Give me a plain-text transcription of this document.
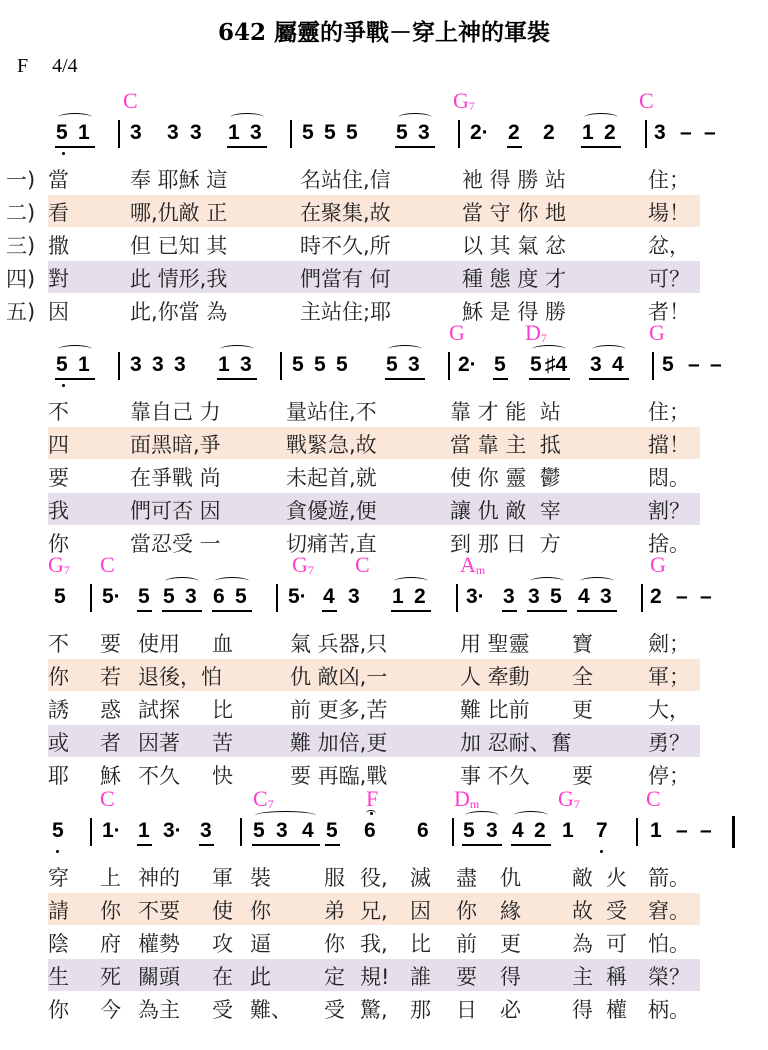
642 屬靈的爭戰－穿上神的軍裝
F 4/4
C	$G_7$	C
5 1 3 3 3 1 3 5 5 5 5 3 2· 2 2 1 2 3 – –
一) 當	奉 耶穌 這	名站住,信	衪 得 勝 站	住；
二) 看	哪,仇敵 正	在聚集,故	當 守 你 地	場！
三) 撒	但 已知 其	時不久,所	以 其 氣 忿	忿，
四) 對	此 情形,我	們當有 何	種 態 度 才	可？
五) 因	此,你當 為	主站住;耶	穌 是 得 勝	者！
G	$D_7$	G
5 1 3 3 3 1 3 5 5 5 5 3 2· 5 5 ♯4 3 4 5 – –
不	靠自己 力	量站住,不	靠 才 能  站	住；
四	面黑暗,爭	戰緊急,故	當 靠 主  抵	擋！
要	在爭戰 尚	未起首,就	使 你 靈  鬱	悶。
我	們可否 因	貪優遊,便	讓 仇 敵  宰	割？
你	當忍受 一	切痛苦,直	到 那 日  方	捨。
$G_7$ C	$G_7$ C	$A_m$	G
5 5· 5 5 3 6 5 5· 4 3 1 2 3· 3 3 5 4 3 2 – –
不 要 使用 血	氣 兵器,只	用 聖靈 寶	劍；
你 若 退後，怕	仇 敵凶,一	人 牽動 全	軍；
誘 惑 試探 比	前 更多,苦	難 比前 更	大，
或 者 因著 苦	難 加倍,更	加 忍耐、奮	勇？
耶 穌 不久 快	要 再臨,戰	事 不久 要	停；
C	$C_7$	F	$D_m$	$G_7$	C
5 1· 1 3· 3 5 3 4 5 6 6 5 3 4 2 1 7 1 – –
穿 上 神的 軍 裝	服 役, 滅 盡 仇 敵 火 箭。
請 你 不要 使 你	弟 兄, 因 你 緣 故 受 窘。
陰 府 權勢 攻 逼	你 我, 比 前 更 為 可 怕。
生 死 關頭 在 此	定 規! 誰 要 得 主 稱 榮？
你 今 為主 受 難、 受 驚, 那 日 必 得 權 柄。
